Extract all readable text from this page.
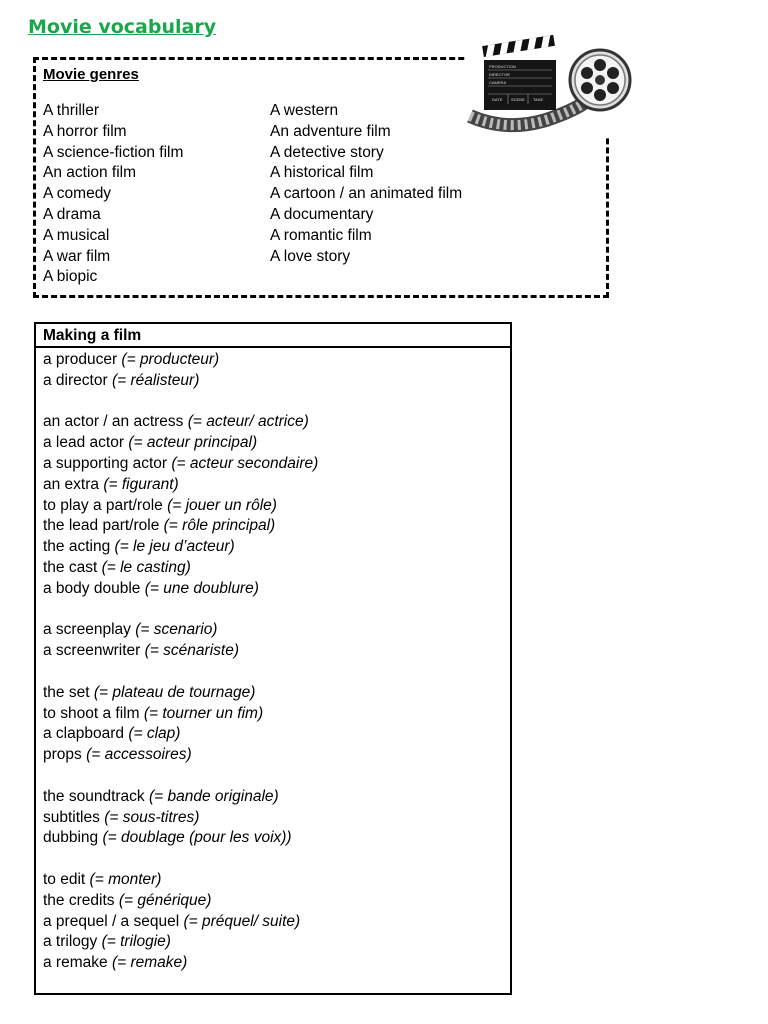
Movie vocabulary
Movie genres
A thriller
A horror film
A science-fiction film
An action film
A comedy
A drama
A musical
A war film
A biopic
A western
An adventure film
A detective story
A historical film
A cartoon / an animated film
A documentary
A romantic film
A love story
PRODUCTION
DIRECTOR
CAMERA
DATE SCENE TAKE
Making a film
a producer (= producteur)
a director (= réalisteur)
an actor / an actress (= acteur/ actrice)
a lead actor (= acteur principal)
a supporting actor (= acteur secondaire)
an extra (= figurant)
to play a part/role (= jouer un rôle)
the lead part/role (= rôle principal)
the acting (= le jeu d’acteur)
the cast (= le casting)
a body double (= une doublure)
a screenplay (= scenario)
a screenwriter (= scénariste)
the set (= plateau de tournage)
to shoot a film (= tourner un fim)
a clapboard (= clap)
props (= accessoires)
the soundtrack (= bande originale)
subtitles (= sous-titres)
dubbing (= doublage (pour les voix))
to edit (= monter)
the credits (= générique)
a prequel / a sequel (= préquel/ suite)
a trilogy (= trilogie)
a remake (= remake)
